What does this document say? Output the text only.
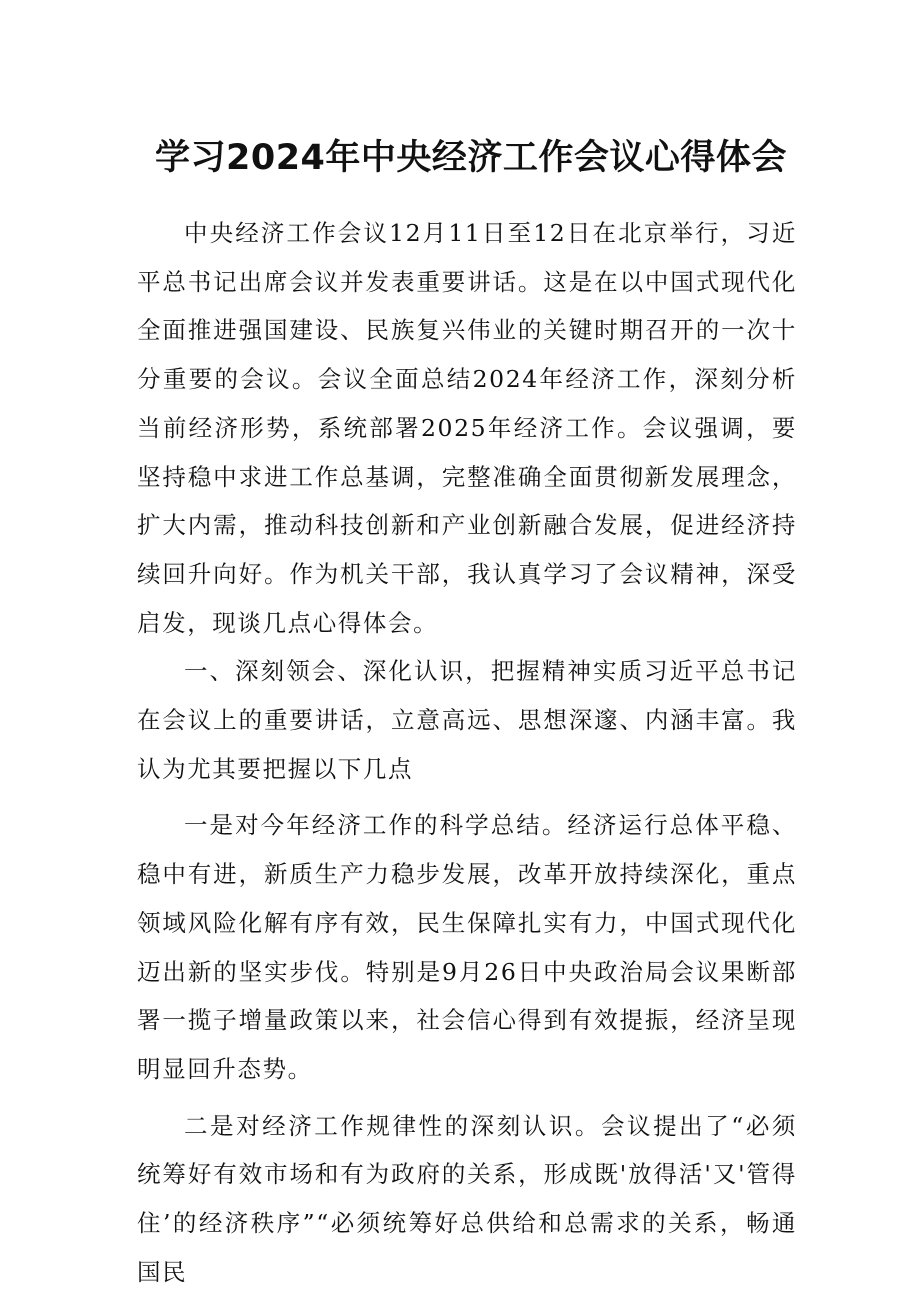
学习2024年中央经济工作会议心得体会

中央经济工作会议12月11日至12日在北京举行，习近平总书记出席会议并发表重要讲话。这是在以中国式现代化全面推进强国建设、民族复兴伟业的关键时期召开的一次十分重要的会议。会议全面总结2024年经济工作，深刻分析当前经济形势，系统部署2025年经济工作。会议强调，要坚持稳中求进工作总基调，完整准确全面贯彻新发展理念，扩大内需，推动科技创新和产业创新融合发展，促进经济持续回升向好。作为机关干部，我认真学习了会议精神，深受启发，现谈几点心得体会。

一、深刻领会、深化认识，把握精神实质习近平总书记在会议上的重要讲话，立意高远、思想深邃、内涵丰富。我认为尤其要把握以下几点

一是对今年经济工作的科学总结。经济运行总体平稳、稳中有进，新质生产力稳步发展，改革开放持续深化，重点领域风险化解有序有效，民生保障扎实有力，中国式现代化迈出新的坚实步伐。特别是9月26日中央政治局会议果断部署一揽子增量政策以来，社会信心得到有效提振，经济呈现明显回升态势。

二是对经济工作规律性的深刻认识。会议提出了“必须统筹好有效市场和有为政府的关系，形成既'放得活'又'管得住’的经济秩序”“必须统筹好总供给和总需求的关系，畅通国民
